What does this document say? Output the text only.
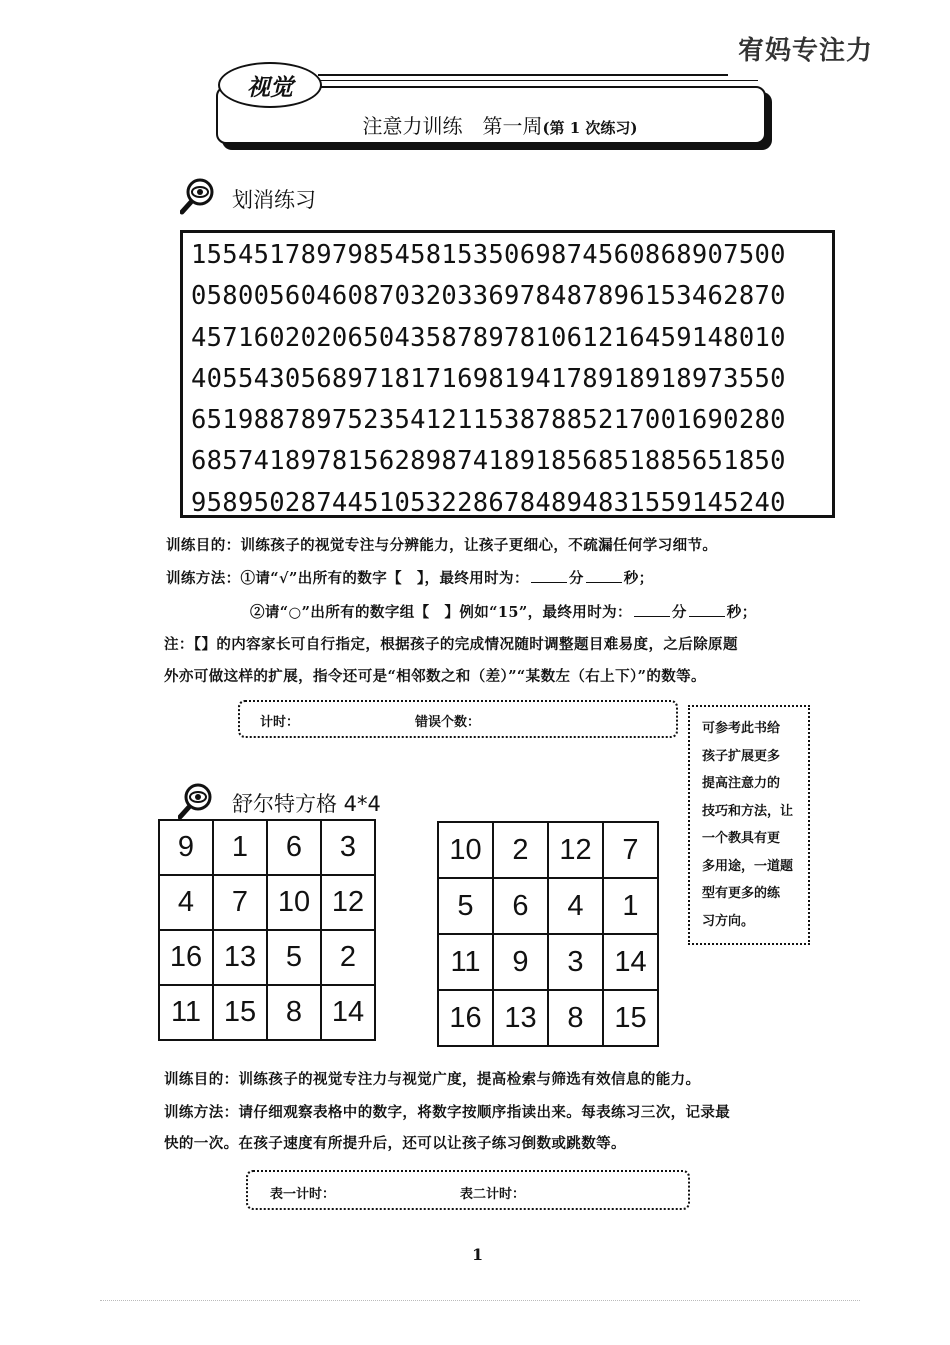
宥妈专注力
视觉
注意力训练　第一周(第 1 次练习)
划消练习
15545178979854581535069874560868907500
05800560460870320336978487896153462870
45716020206504358789781061216459148010
40554305689718171698194178918918973550
65198878975235412115387885217001690280
68574189781562898741891856851885651850
95895028744510532286784894831559145240
训练目的：训练孩子的视觉专注与分辨能力，让孩子更细心，不疏漏任何学习细节。
训练方法：①请“√”出所有的数字【　】，最终用时为：	分	秒；
②请“○”出所有的数字组【　】例如“15”，最终用时为：	分	秒；
注：【】的内容家长可自行指定，根据孩子的完成情况随时调整题目难易度，之后除原题
外亦可做这样的扩展，指令还可是“相邻数之和（差）”“某数左（右上下）”的数等。
计时：	错误个数：	可参考此书给
孩子扩展更多
提高注意力的
技巧和方法，让
一个教具有更
多用途，一道题
型有更多的练
习方向。
舒尔特方格 4*4
9	1	6	3
4	7	10	12
16	13	5	2
11	15	8	14
10	2	12	7
5	6	4	1
11	9	3	14
16	13	8	15
训练目的：训练孩子的视觉专注力与视觉广度，提高检索与筛选有效信息的能力。
训练方法：请仔细观察表格中的数字，将数字按顺序指读出来。每表练习三次，记录最
快的一次。在孩子速度有所提升后，还可以让孩子练习倒数或跳数等。
表一计时：	表二计时：
1
